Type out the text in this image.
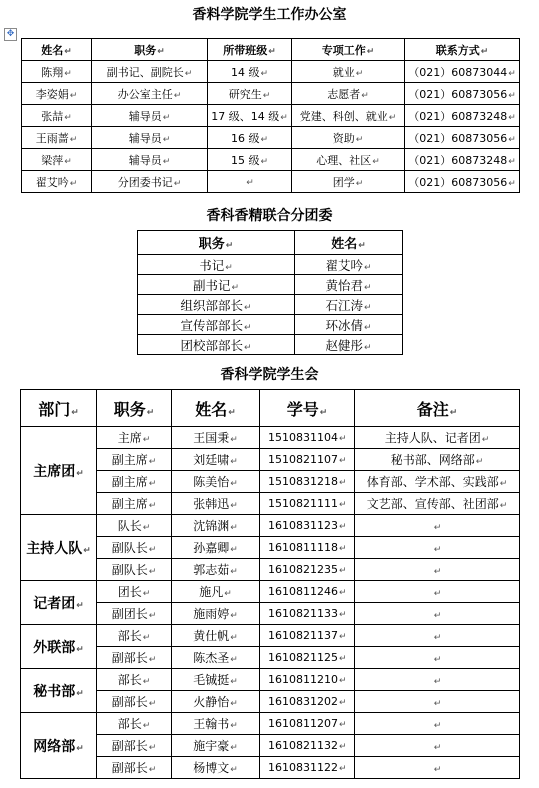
✥
香料学院学生工作办公室
姓名↵	职务↵	所带班级↵	专项工作↵	联系方式↵
陈翔↵	副书记、副院长↵	14 级↵	就业↵	（021）60873044↵
李姿娟↵	办公室主任↵	研究生↵	志愿者↵	（021）60873056↵
张喆↵	辅导员↵	17 级、14 级↵	党建、科创、就业↵	（021）60873248↵
王雨蔷↵	辅导员↵	16 级↵	资助↵	（021）60873056↵
梁萍↵	辅导员↵	15 级↵	心理、社区↵	（021）60873248↵
翟艾吟↵	分团委书记↵	↵	团学↵	（021）60873056↵
香科香精联合分团委
职务↵	姓名↵
书记↵	翟艾吟↵
副书记↵	黄怡君↵
组织部部长↵	石江涛↵
宣传部部长↵	环冰倩↵
团校部部长↵	赵健彤↵
香科学院学生会
部门↵	职务↵	姓名↵	学号↵	备注↵
主席团↵	主席↵	王国秉↵	1510831104↵	主持人队、记者团↵
	副主席↵	刘廷啸↵	1510821107↵	秘书部、网络部↵
	副主席↵	陈美怡↵	1510831218↵	体育部、学术部、实践部↵
	副主席↵	张韩迅↵	1510821111↵	文艺部、宣传部、社团部↵
主持人队↵	队长↵	沈锦渊↵	1610831123↵	↵
	副队长↵	孙嘉卿↵	1610811118↵	↵
	副队长↵	郭志茹↵	1610821235↵	↵
记者团↵	团长↵	施凡↵	1610811246↵	↵
	副团长↵	施雨婷↵	1610821133↵	↵
外联部↵	部长↵	黄仕帆↵	1610821137↵	↵
	副部长↵	陈杰圣↵	1610821125↵	↵
秘书部↵	部长↵	毛铖挺↵	1610811210↵	↵
	副部长↵	火静怡↵	1610831202↵	↵
网络部↵	部长↵	王翰书↵	1610811207↵	↵
	副部长↵	施宇豪↵	1610821132↵	↵
	副部长↵	杨博文↵	1610831122↵	↵
